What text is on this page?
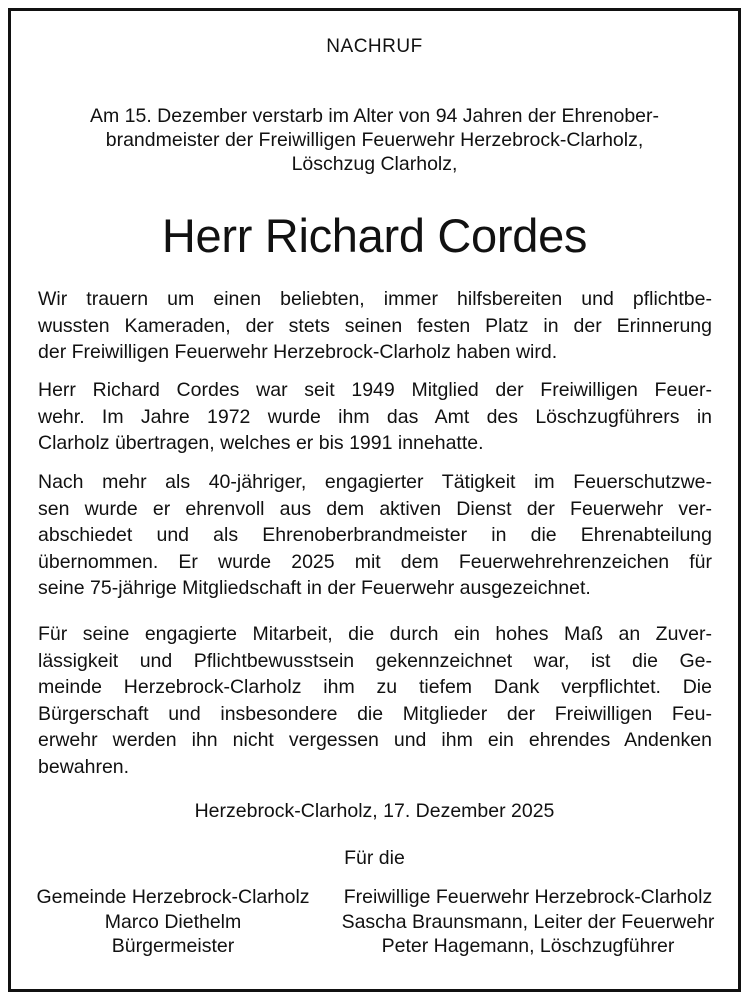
NACHRUF
Am 15. Dezember verstarb im Alter von 94 Jahren der Ehrenober-
brandmeister der Freiwilligen Feuerwehr Herzebrock-Clarholz,
Löschzug Clarholz,
Herr Richard Cordes
Wir trauern um einen beliebten, immer hilfsbereiten und pflichtbe-
wussten Kameraden, der stets seinen festen Platz in der Erinnerung
der Freiwilligen Feuerwehr Herzebrock-Clarholz haben wird.
Herr Richard Cordes war seit 1949 Mitglied der Freiwilligen Feuer-
wehr. Im Jahre 1972 wurde ihm das Amt des Löschzugführers in
Clarholz übertragen, welches er bis 1991 innehatte.
Nach mehr als 40-jähriger, engagierter Tätigkeit im Feuerschutzwe-
sen wurde er ehrenvoll aus dem aktiven Dienst der Feuerwehr ver-
abschiedet und als Ehrenoberbrandmeister in die Ehrenabteilung
übernommen. Er wurde 2025 mit dem Feuerwehrehrenzeichen für
seine 75-jährige Mitgliedschaft in der Feuerwehr ausgezeichnet.
Für seine engagierte Mitarbeit, die durch ein hohes Maß an Zuver-
lässigkeit und Pflichtbewusstsein gekennzeichnet war, ist die Ge-
meinde Herzebrock-Clarholz ihm zu tiefem Dank verpflichtet. Die
Bürgerschaft und insbesondere die Mitglieder der Freiwilligen Feu-
erwehr werden ihn nicht vergessen und ihm ein ehrendes Andenken
bewahren.
Herzebrock-Clarholz, 17. Dezember 2025
Für die
Gemeinde Herzebrock-Clarholz
Marco Diethelm
Bürgermeister
Freiwillige Feuerwehr Herzebrock-Clarholz
Sascha Braunsmann, Leiter der Feuerwehr
Peter Hagemann, Löschzugführer
